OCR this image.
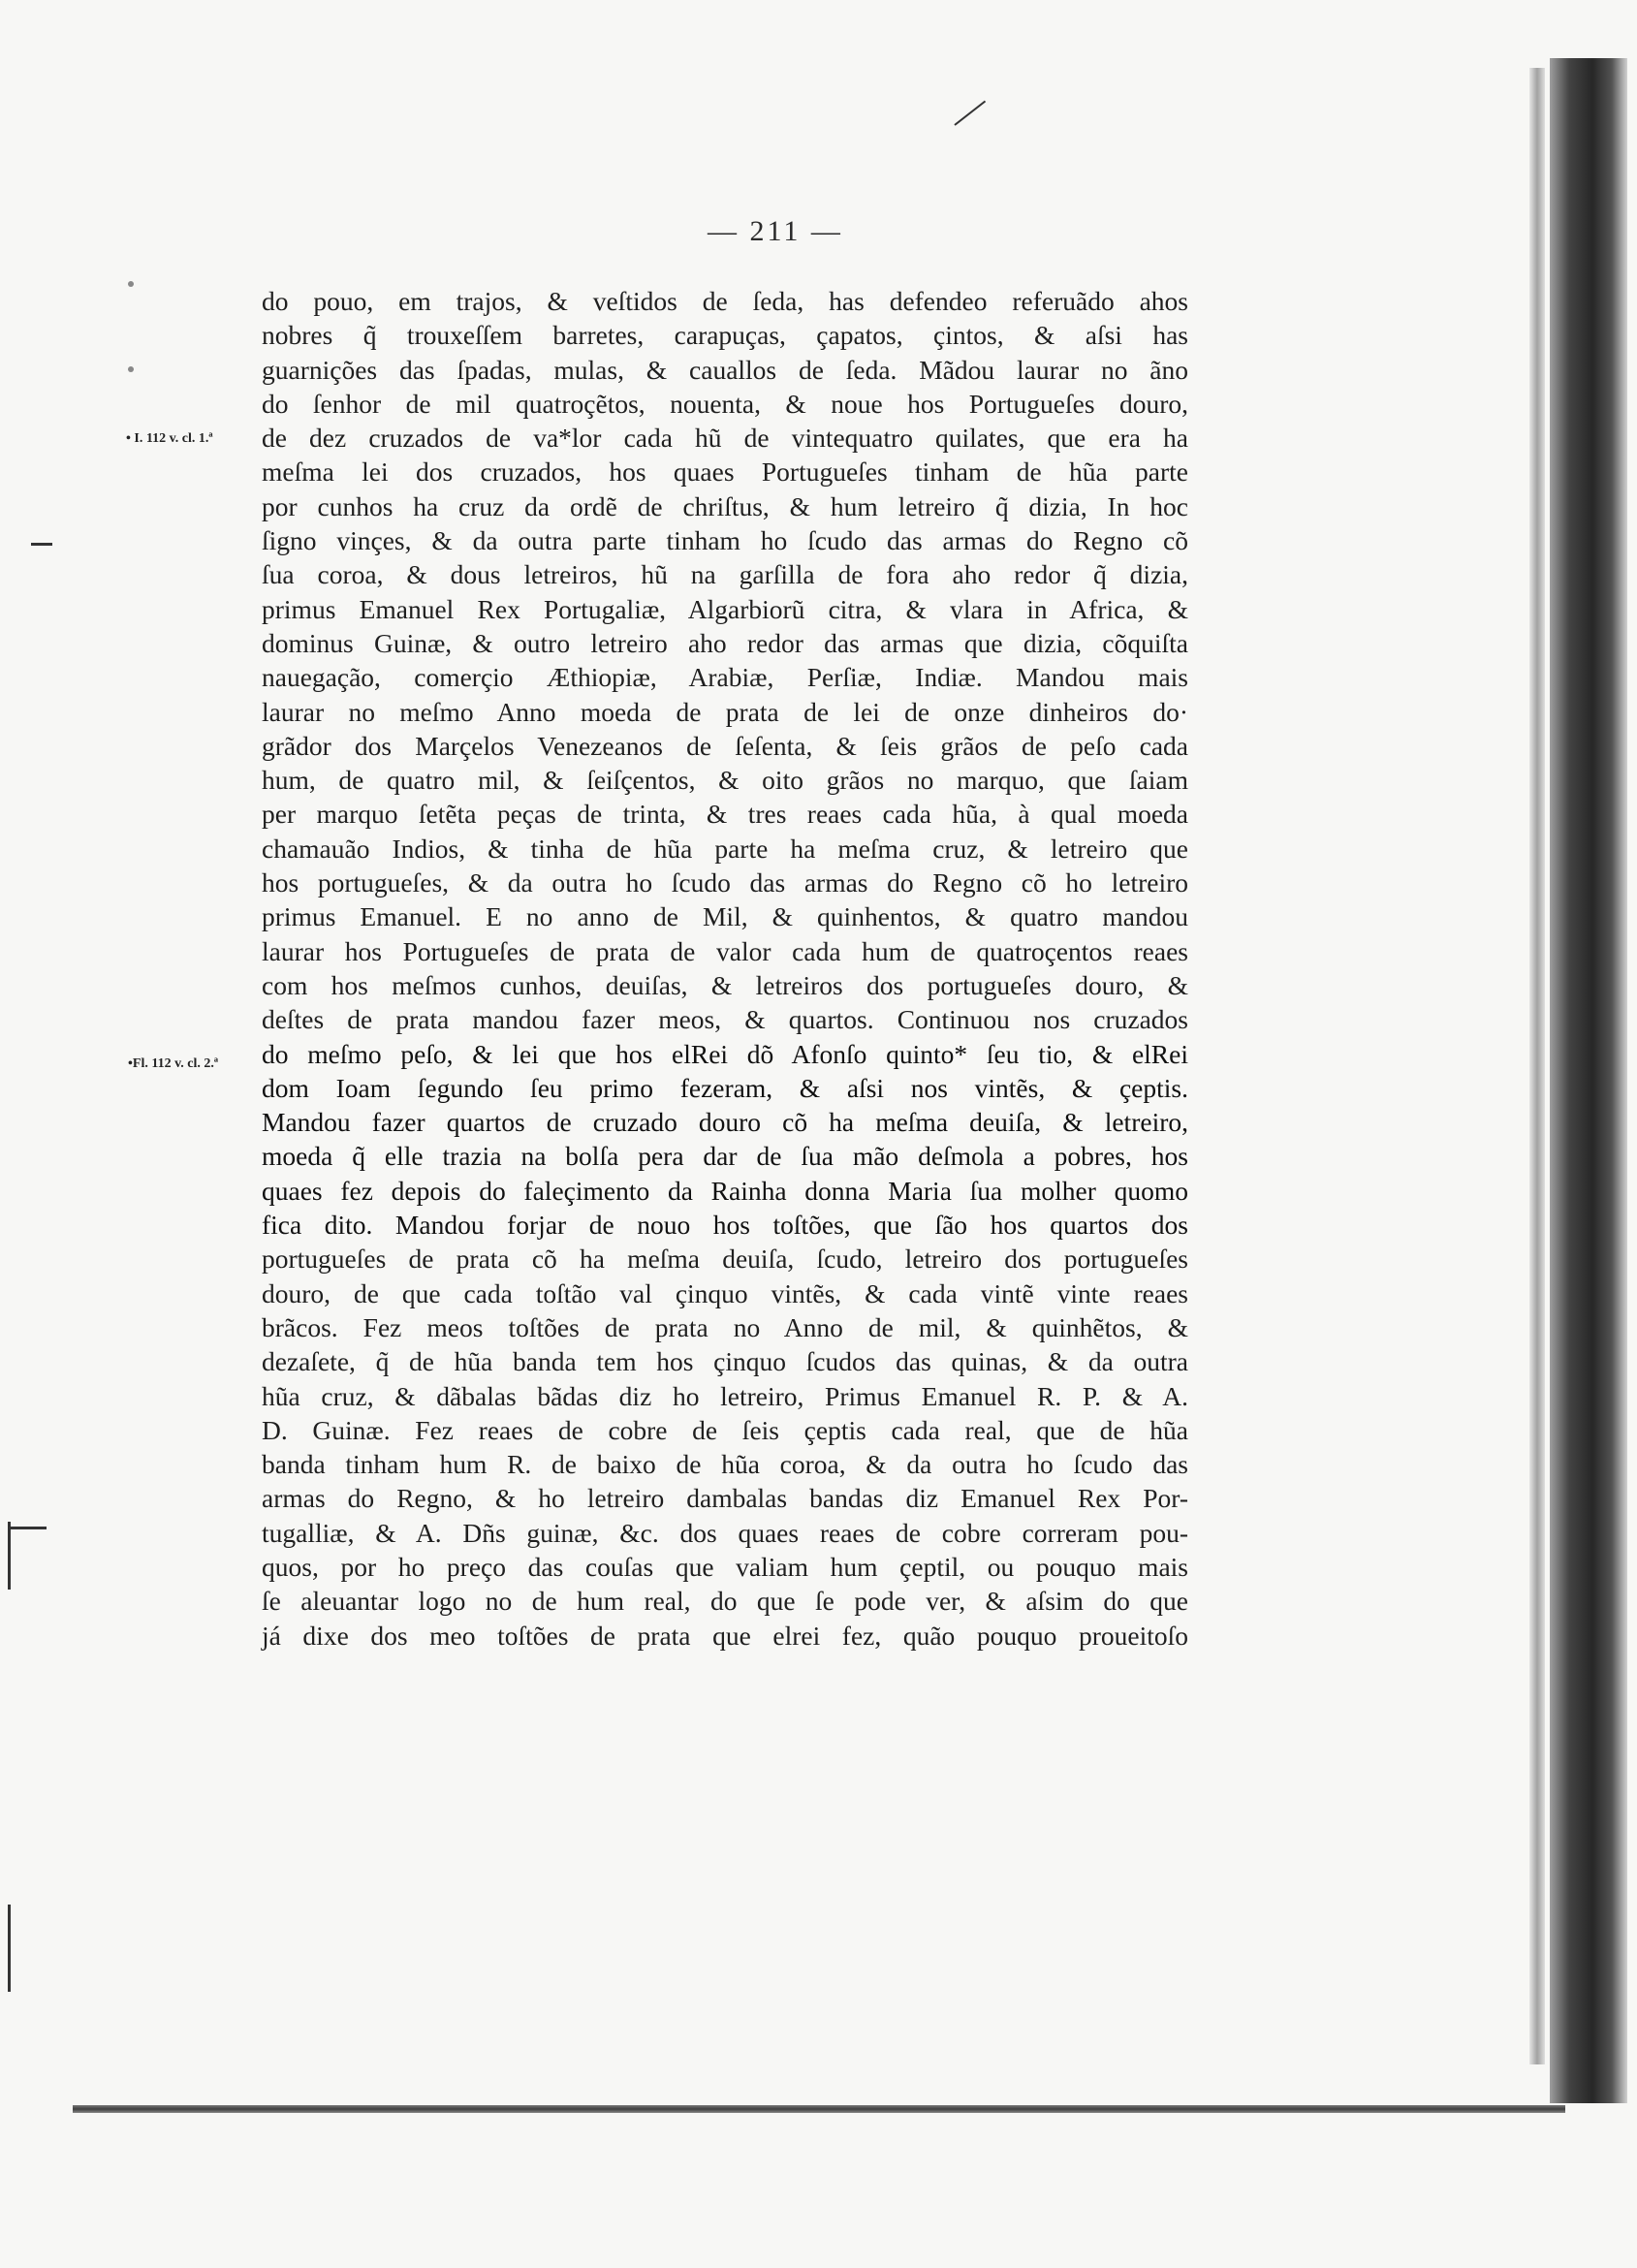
— 211 —
• I. 112 v. cl. 1.ª
•Fl. 112 v. cl. 2.ª
do pouo, em trajos, & veſtidos de ſeda, has defendeo referuãdo ahos
nobres q̃ trouxeſſem barretes, carapuças, çapatos, çintos, & aſsi has
guarnições das ſpadas, mulas, & cauallos de ſeda. Mãdou laurar no ãno
do ſenhor de mil quatroçẽtos, nouenta, & noue hos Portugueſes douro,
de dez cruzados de va*lor cada hũ de vintequatro quilates, que era ha
meſma lei dos cruzados, hos quaes Portugueſes tinham de hũa parte
por cunhos ha cruz da ordẽ de chriſtus, & hum letreiro q̃ dizia, In hoc
ſigno vinçes, & da outra parte tinham ho ſcudo das armas do Regno cõ
ſua coroa, & dous letreiros, hũ na garſilla de fora aho redor q̃ dizia,
primus Emanuel Rex Portugaliæ, Algarbiorũ citra, & vlara in Africa, &
dominus Guinæ, & outro letreiro aho redor das armas que dizia, cõquiſta
nauegação, comerçio Æthiopiæ, Arabiæ, Perſiæ, Indiæ. Mandou mais
laurar no meſmo Anno moeda de prata de lei de onze dinheiros do·
grãdor dos Marçelos Venezeanos de ſeſenta, & ſeis grãos de peſo cada
hum, de quatro mil, & ſeiſçentos, & oito grãos no marquo, que ſaiam
per marquo ſetẽta peças de trinta, & tres reaes cada hũa, à qual moeda
chamauão Indios, & tinha de hũa parte ha meſma cruz, & letreiro que
hos portugueſes, & da outra ho ſcudo das armas do Regno cõ ho letreiro
primus Emanuel. E no anno de Mil, & quinhentos, & quatro mandou
laurar hos Portugueſes de prata de valor cada hum de quatroçentos reaes
com hos meſmos cunhos, deuiſas, & letreiros dos portugueſes douro, &
deſtes de prata mandou fazer meos, & quartos. Continuou nos cruzados
do meſmo peſo, & lei que hos elRei dõ Afonſo quinto* ſeu tio, & elRei
dom Ioam ſegundo ſeu primo fezeram, & aſsi nos vintẽs, & çeptis.
Mandou fazer quartos de cruzado douro cõ ha meſma deuiſa, & letreiro,
moeda q̃ elle trazia na bolſa pera dar de ſua mão deſmola a pobres, hos
quaes fez depois do faleçimento da Rainha donna Maria ſua molher quomo
fica dito. Mandou forjar de nouo hos toſtões, que ſão hos quartos dos
portugueſes de prata cõ ha meſma deuiſa, ſcudo, letreiro dos portugueſes
douro, de que cada toſtão val çinquo vintẽs, & cada vintẽ vinte reaes
brãcos. Fez meos toſtões de prata no Anno de mil, & quinhẽtos, &
dezaſete, q̃ de hũa banda tem hos çinquo ſcudos das quinas, & da outra
hũa cruz, & dãbalas bãdas diz ho letreiro, Primus Emanuel R. P. & A.
D. Guinæ. Fez reaes de cobre de ſeis çeptis cada real, que de hũa
banda tinham hum R. de baixo de hũa coroa, & da outra ho ſcudo das
armas do Regno, & ho letreiro dambalas bandas diz Emanuel Rex Por-
tugalliæ, & A. Dñs guinæ, &c. dos quaes reaes de cobre correram pou-
quos, por ho preço das couſas que valiam hum çeptil, ou pouquo mais
ſe aleuantar logo no de hum real, do que ſe pode ver, & aſsim do que
já dixe dos meo toſtões de prata que elrei fez, quão pouquo proueitoſo
